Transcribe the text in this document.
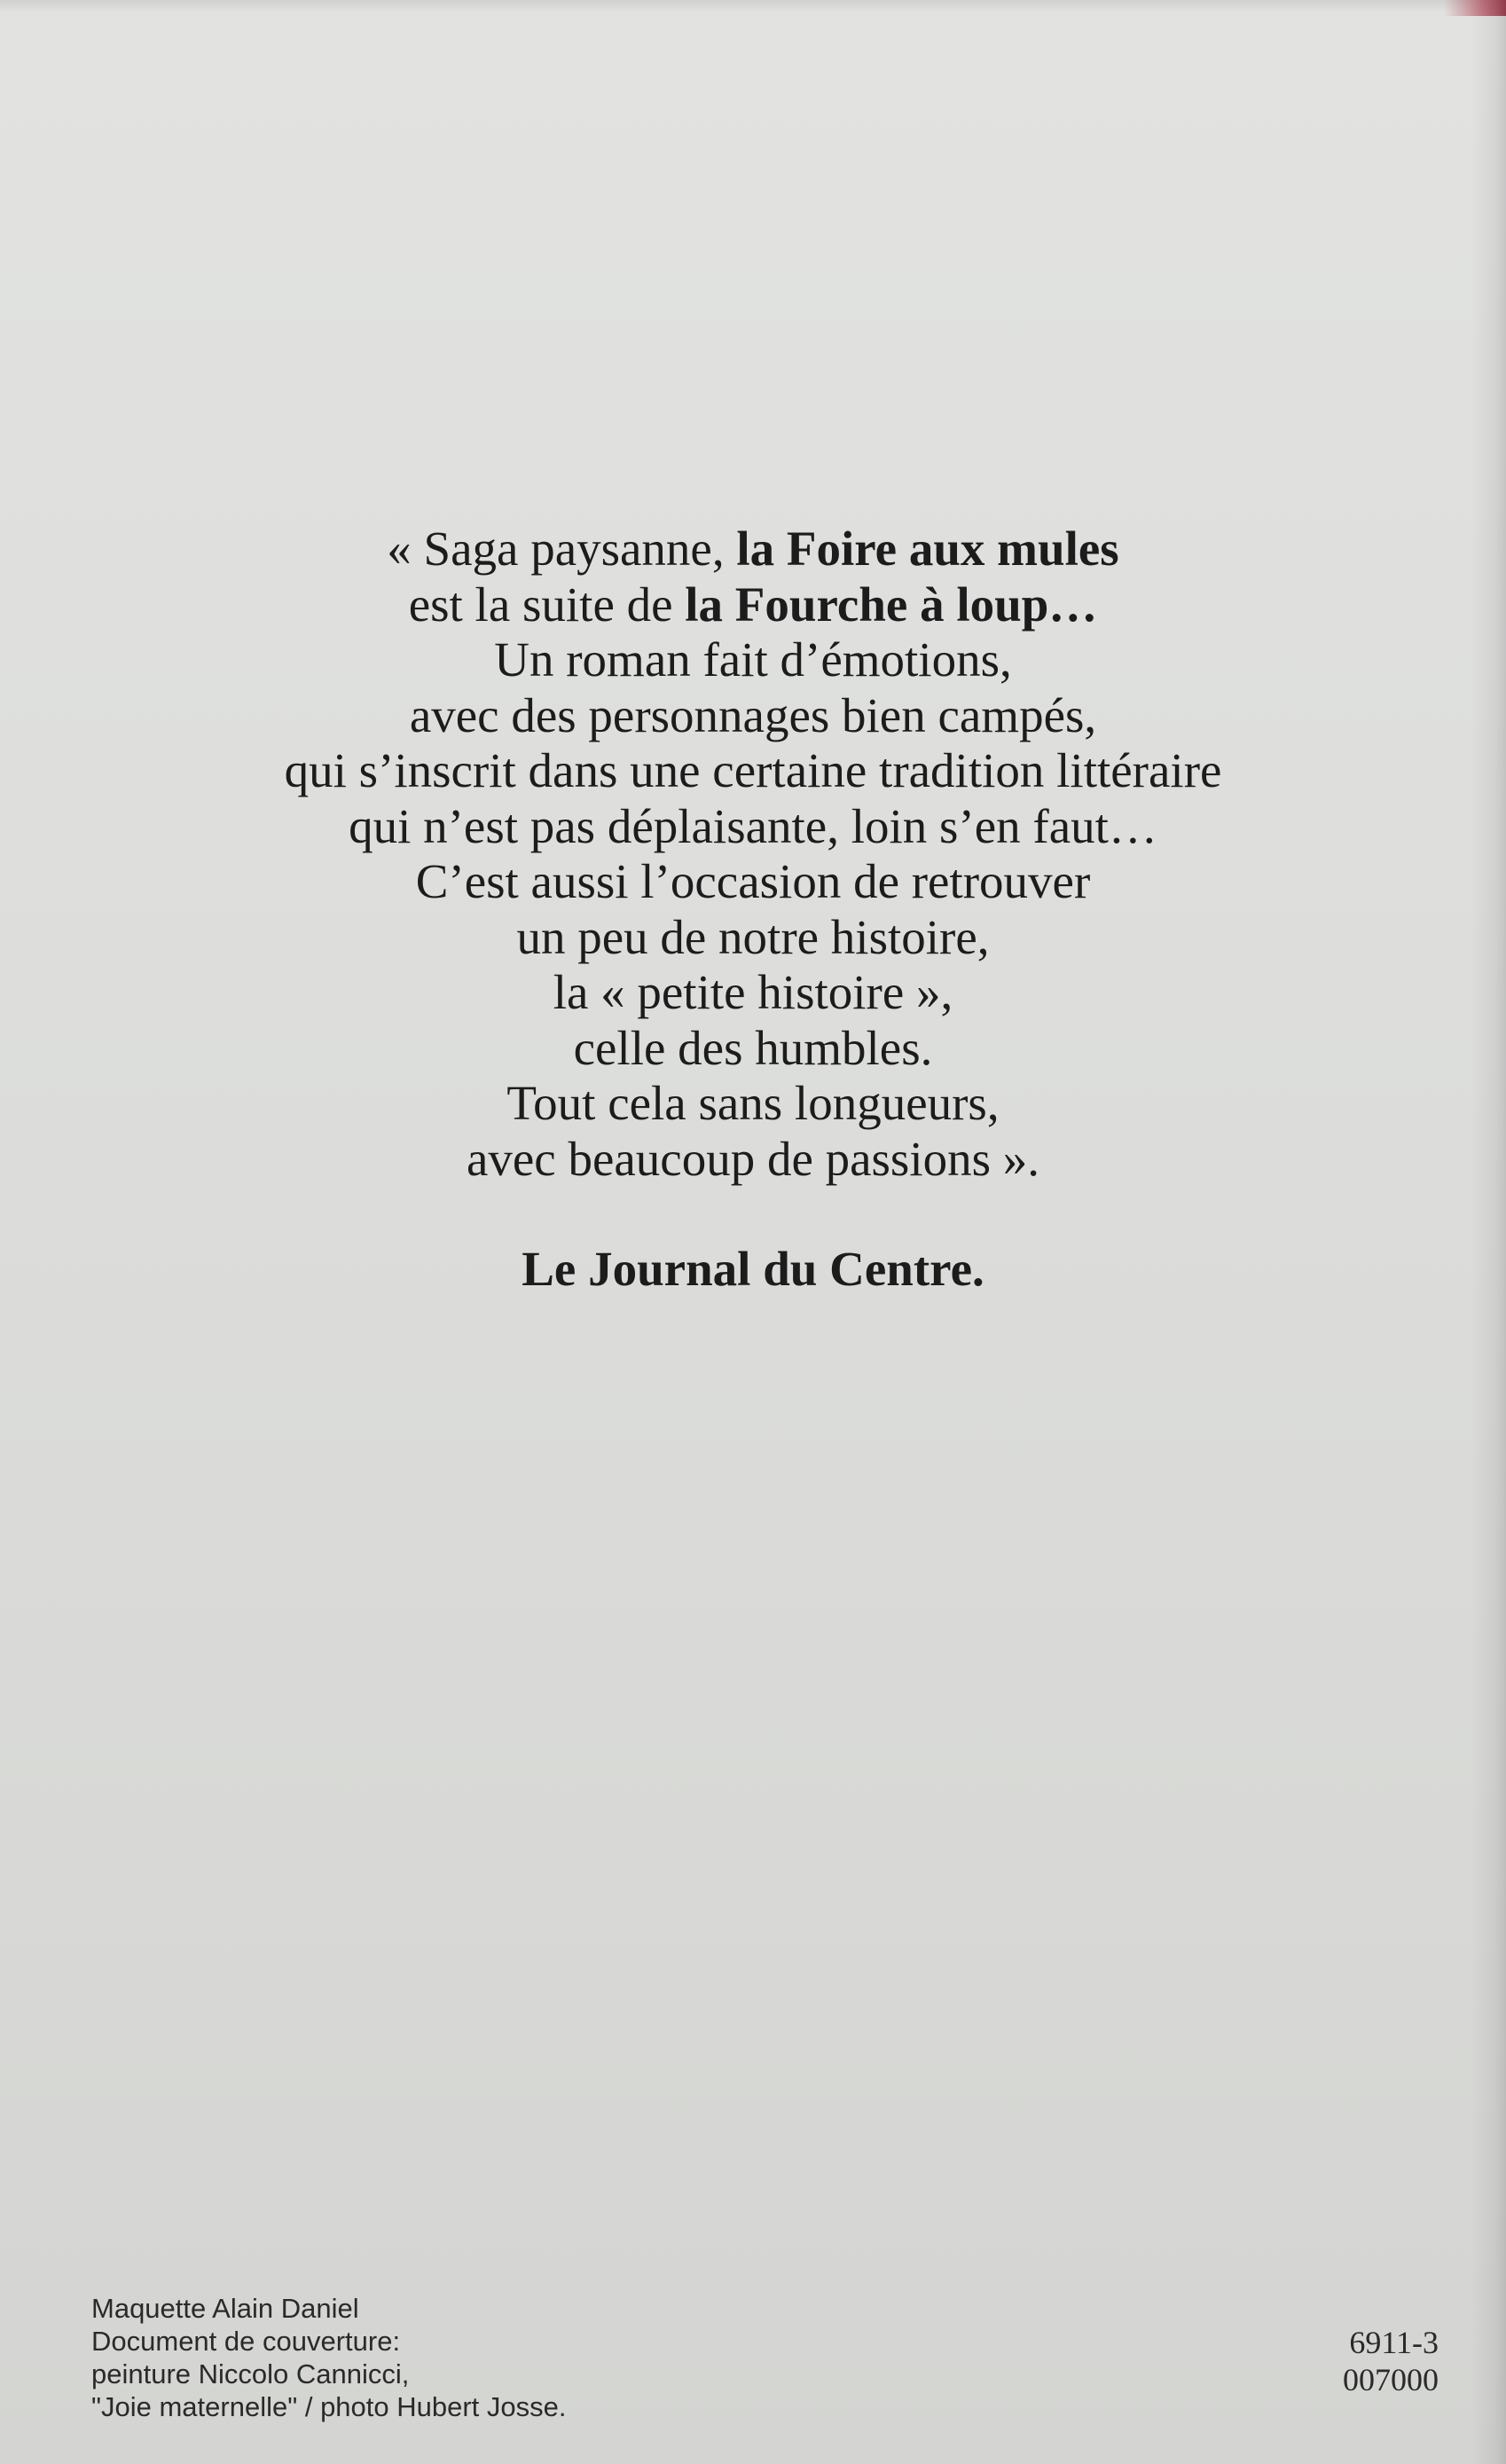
« Saga paysanne, la Foire aux mules
est la suite de la Fourche à loup…
Un roman fait d’émotions,
avec des personnages bien campés,
qui s’inscrit dans une certaine tradition littéraire
qui n’est pas déplaisante, loin s’en faut…
C’est aussi l’occasion de retrouver
un peu de notre histoire,
la « petite histoire »,
celle des humbles.
Tout cela sans longueurs,
avec beaucoup de passions ».

Le Journal du Centre.
Maquette Alain Daniel
Document de couverture:
peinture Niccolo Cannicci,
"Joie maternelle" / photo Hubert Josse.
6911-3
007000
